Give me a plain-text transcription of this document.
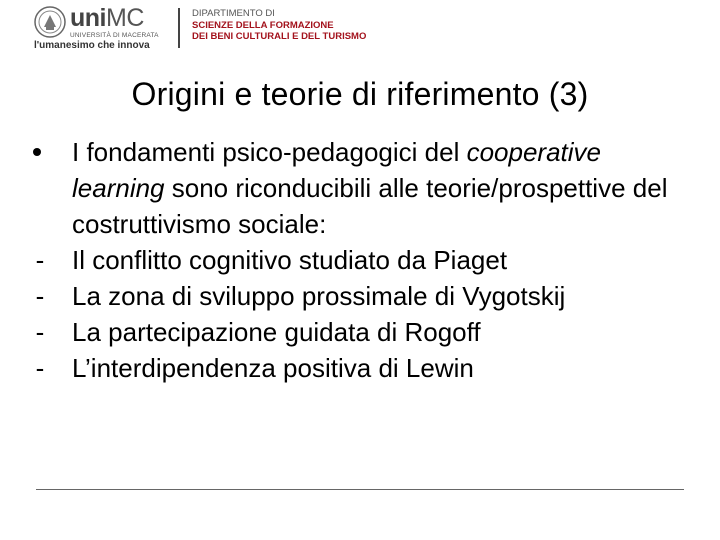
uniMC
UNIVERSITÀ DI MACERATA
l'umanesimo che innova
DIPARTIMENTO DI
SCIENZE DELLA FORMAZIONE
DEI BENI CULTURALI E DEL TURISMO
Origini e teorie di riferimento (3)
I fondamenti psico-pedagogici del cooperative learning sono riconducibili alle teorie/prospettive del costruttivismo sociale:
- Il conflitto cognitivo studiato da Piaget
- La zona di sviluppo prossimale di Vygotskij
- La partecipazione guidata di Rogoff
- L’interdipendenza positiva di Lewin
